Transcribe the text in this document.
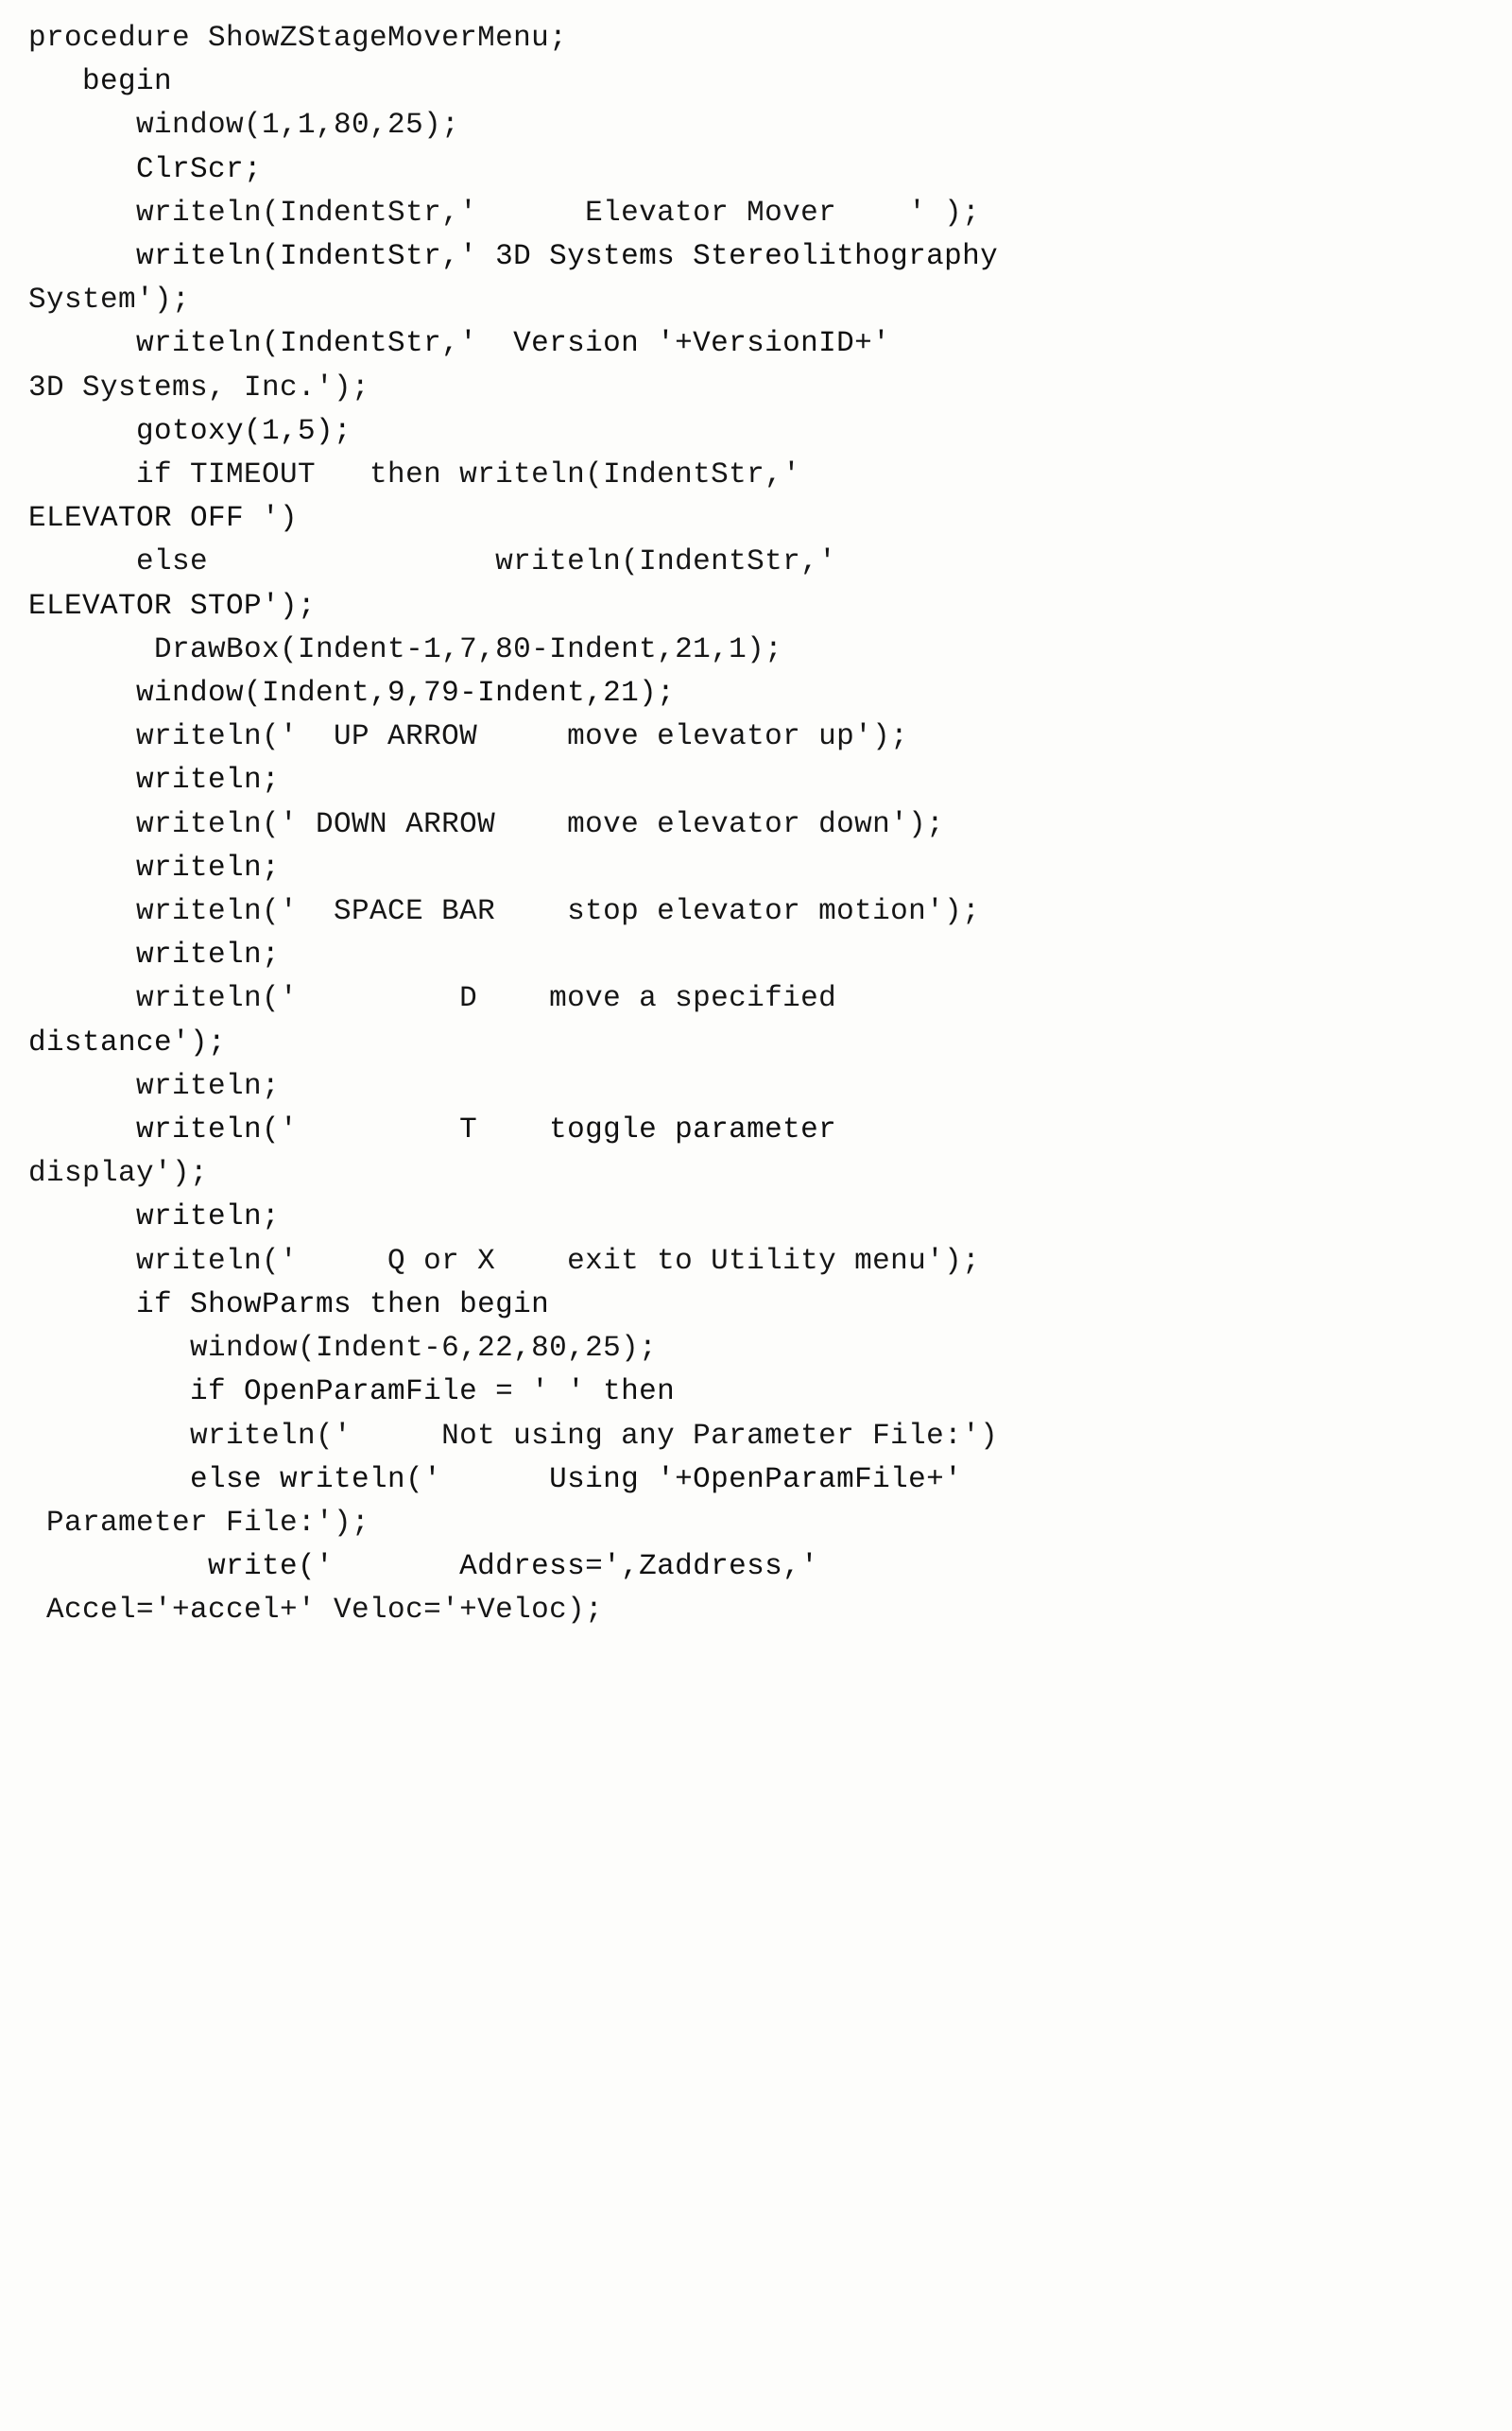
procedure ShowZStageMoverMenu;
begin
window(1,1,80,25);
ClrScr;
writeln(IndentStr,'      Elevator Mover    ' );
writeln(IndentStr,' 3D Systems Stereolithography
System');
writeln(IndentStr,'  Version '+VersionID+'
3D Systems, Inc.');
gotoxy(1,5);
if TIMEOUT   then writeln(IndentStr,'
ELEVATOR OFF ')
else                writeln(IndentStr,'
ELEVATOR STOP');
DrawBox(Indent-1,7,80-Indent,21,1);
window(Indent,9,79-Indent,21);
writeln('  UP ARROW     move elevator up');
writeln;
writeln(' DOWN ARROW    move elevator down');
writeln;
writeln('  SPACE BAR    stop elevator motion');
writeln;
writeln('         D    move a specified
distance');
writeln;
writeln('         T    toggle parameter
display');
writeln;
writeln('     Q or X    exit to Utility menu');
if ShowParms then begin
window(Indent-6,22,80,25);
if OpenParamFile = ' ' then
writeln('     Not using any Parameter File:')
else writeln('      Using '+OpenParamFile+'
Parameter File:');
write('       Address=',Zaddress,'
Accel='+accel+' Veloc='+Veloc);
